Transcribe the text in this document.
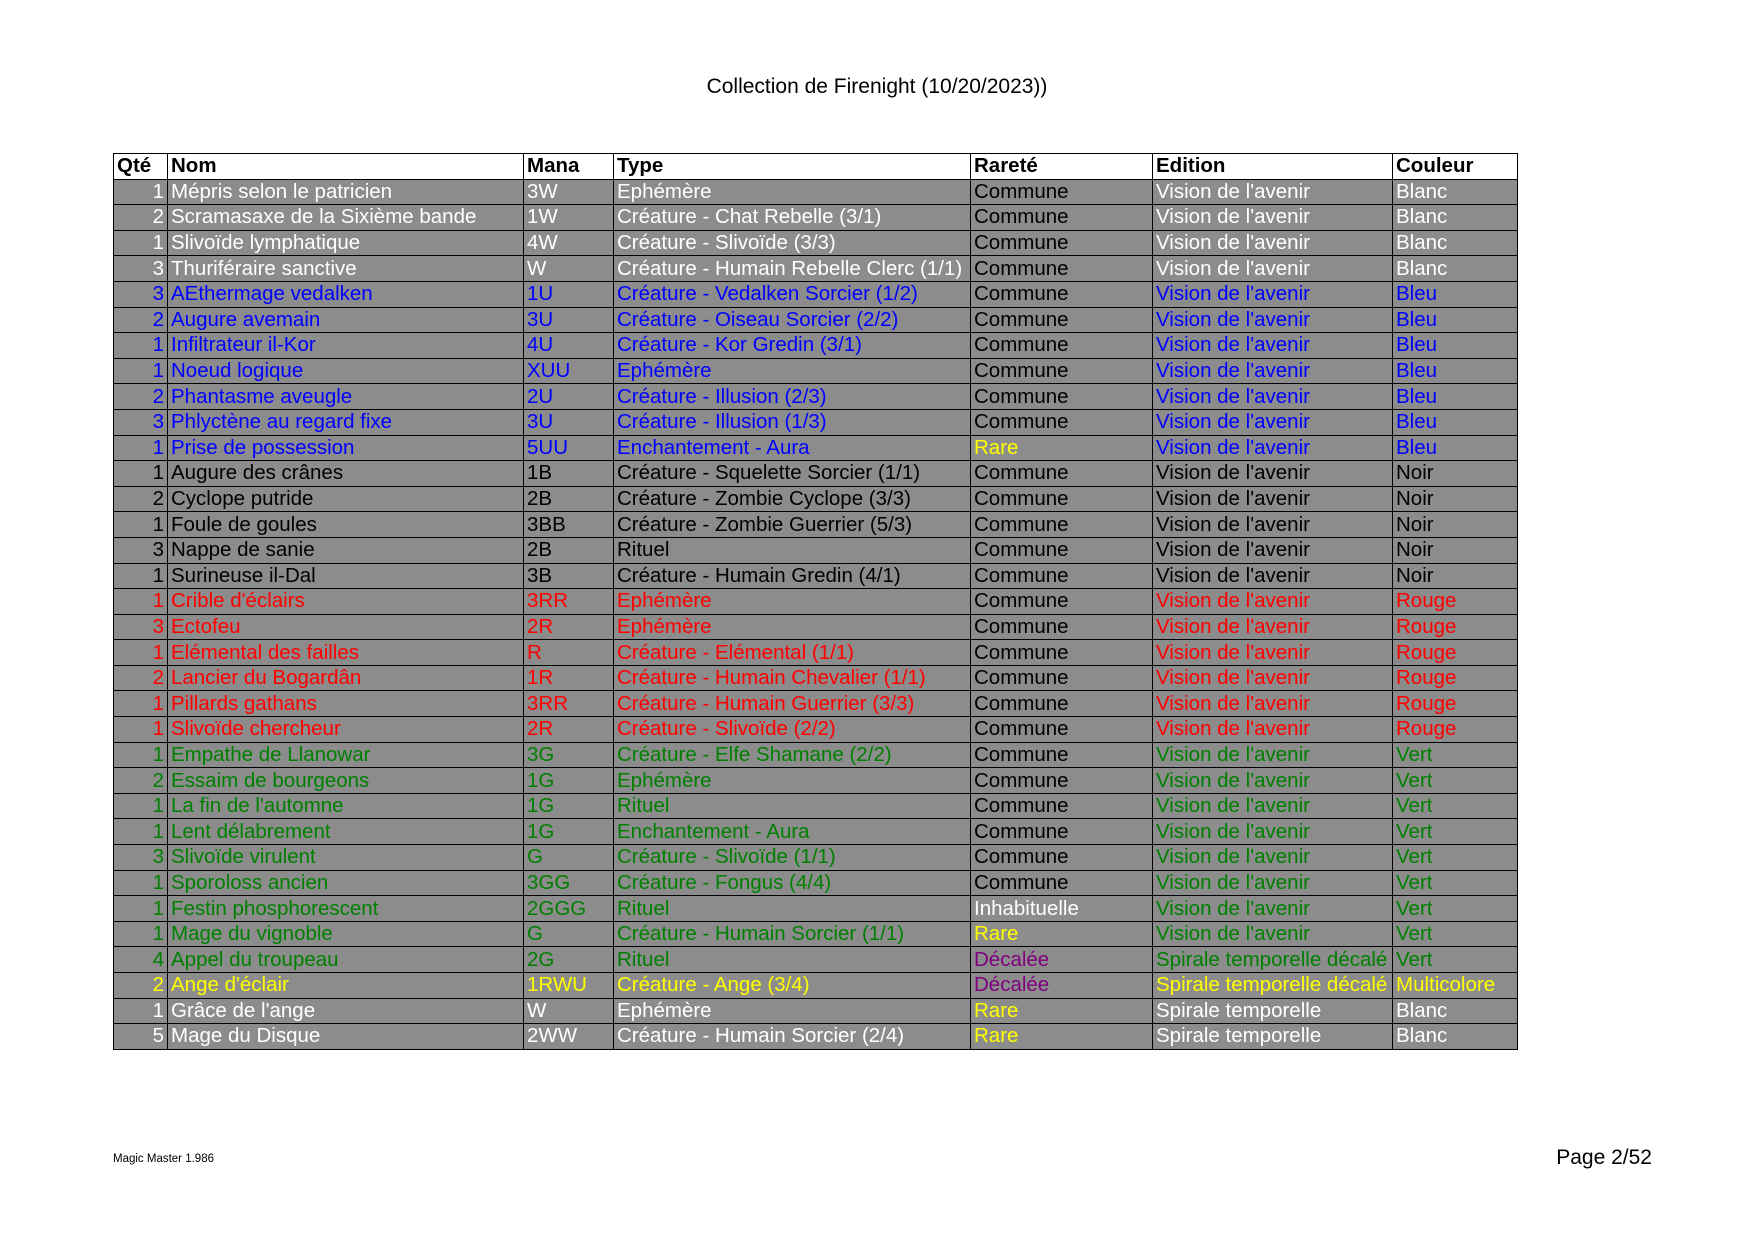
Collection de Firenight (10/20/2023))
Qté	Nom	Mana	Type	Rareté	Edition	Couleur
1	Mépris selon le patricien	3W	Ephémère	Commune	Vision de l'avenir	Blanc
2	Scramasaxe de la Sixième bande	1W	Créature - Chat Rebelle (3/1)	Commune	Vision de l'avenir	Blanc
1	Slivoïde lymphatique	4W	Créature - Slivoïde (3/3)	Commune	Vision de l'avenir	Blanc
3	Thuriféraire sanctive	W	Créature - Humain Rebelle Clerc (1/1)	Commune	Vision de l'avenir	Blanc
3	AEthermage vedalken	1U	Créature - Vedalken Sorcier (1/2)	Commune	Vision de l'avenir	Bleu
2	Augure avemain	3U	Créature - Oiseau Sorcier (2/2)	Commune	Vision de l'avenir	Bleu
1	Infiltrateur il-Kor	4U	Créature - Kor Gredin (3/1)	Commune	Vision de l'avenir	Bleu
1	Noeud logique	XUU	Ephémère	Commune	Vision de l'avenir	Bleu
2	Phantasme aveugle	2U	Créature - Illusion (2/3)	Commune	Vision de l'avenir	Bleu
3	Phlyctène au regard fixe	3U	Créature - Illusion (1/3)	Commune	Vision de l'avenir	Bleu
1	Prise de possession	5UU	Enchantement - Aura	Rare	Vision de l'avenir	Bleu
1	Augure des crânes	1B	Créature - Squelette Sorcier (1/1)	Commune	Vision de l'avenir	Noir
2	Cyclope putride	2B	Créature - Zombie Cyclope (3/3)	Commune	Vision de l'avenir	Noir
1	Foule de goules	3BB	Créature - Zombie Guerrier (5/3)	Commune	Vision de l'avenir	Noir
3	Nappe de sanie	2B	Rituel	Commune	Vision de l'avenir	Noir
1	Surineuse il-Dal	3B	Créature - Humain Gredin (4/1)	Commune	Vision de l'avenir	Noir
1	Crible d'éclairs	3RR	Ephémère	Commune	Vision de l'avenir	Rouge
3	Ectofeu	2R	Ephémère	Commune	Vision de l'avenir	Rouge
1	Elémental des failles	R	Créature - Elémental (1/1)	Commune	Vision de l'avenir	Rouge
2	Lancier du Bogardân	1R	Créature - Humain Chevalier (1/1)	Commune	Vision de l'avenir	Rouge
1	Pillards gathans	3RR	Créature - Humain Guerrier (3/3)	Commune	Vision de l'avenir	Rouge
1	Slivoïde chercheur	2R	Créature - Slivoïde (2/2)	Commune	Vision de l'avenir	Rouge
1	Empathe de Llanowar	3G	Créature - Elfe Shamane (2/2)	Commune	Vision de l'avenir	Vert
2	Essaim de bourgeons	1G	Ephémère	Commune	Vision de l'avenir	Vert
1	La fin de l'automne	1G	Rituel	Commune	Vision de l'avenir	Vert
1	Lent délabrement	1G	Enchantement - Aura	Commune	Vision de l'avenir	Vert
3	Slivoïde virulent	G	Créature - Slivoïde (1/1)	Commune	Vision de l'avenir	Vert
1	Sporoloss ancien	3GG	Créature - Fongus (4/4)	Commune	Vision de l'avenir	Vert
1	Festin phosphorescent	2GGG	Rituel	Inhabituelle	Vision de l'avenir	Vert
1	Mage du vignoble	G	Créature - Humain Sorcier (1/1)	Rare	Vision de l'avenir	Vert
4	Appel du troupeau	2G	Rituel	Décalée	Spirale temporelle décalé	Vert
2	Ange d'éclair	1RWU	Créature - Ange (3/4)	Décalée	Spirale temporelle décalé	Multicolore
1	Grâce de l'ange	W	Ephémère	Rare	Spirale temporelle	Blanc
5	Mage du Disque	2WW	Créature - Humain Sorcier (2/4)	Rare	Spirale temporelle	Blanc
Magic Master 1.986	Page 2/52
